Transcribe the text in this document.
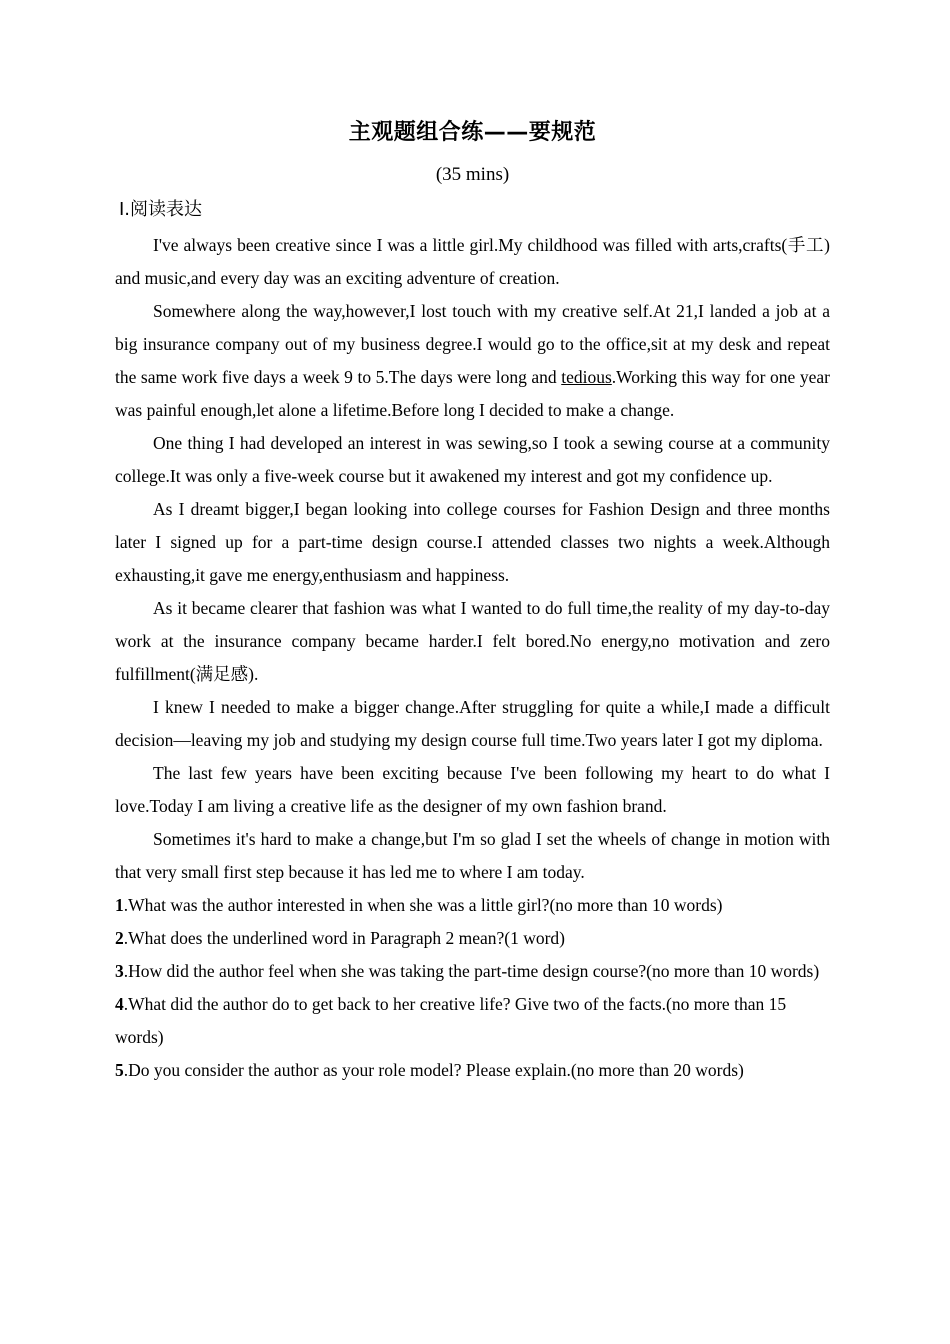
主观题组合练——要规范
(35 mins)
Ⅰ.阅读表达

I've always been creative since I was a little girl.My childhood was filled with arts,crafts(手工) and music,and every day was an exciting adventure of creation.

Somewhere along the way,however,I lost touch with my creative self.At 21,I landed a job at a big insurance company out of my business degree.I would go to the office,sit at my desk and repeat the same work five days a week 9 to 5.The days were long and tedious.Working this way for one year was painful enough,let alone a lifetime.Before long I decided to make a change.

One thing I had developed an interest in was sewing,so I took a sewing course at a community college.It was only a five-week course but it awakened my interest and got my confidence up.

As I dreamt bigger,I began looking into college courses for Fashion Design and three months later I signed up for a part-time design course.I attended classes two nights a week.Although exhausting,it gave me energy,enthusiasm and happiness.

As it became clearer that fashion was what I wanted to do full time,the reality of my day-to-day work at the insurance company became harder.I felt bored.No energy,no motivation and zero fulfillment(满足感).

I knew I needed to make a bigger change.After struggling for quite a while,I made a difficult decision—leaving my job and studying my design course full time.Two years later I got my diploma.

The last few years have been exciting because I've been following my heart to do what I love.Today I am living a creative life as the designer of my own fashion brand.

Sometimes it's hard to make a change,but I'm so glad I set the wheels of change in motion with that very small first step because it has led me to where I am today.

1.What was the author interested in when she was a little girl?(no more than 10 words)

2.What does the underlined word in Paragraph 2 mean?(1 word)

3.How did the author feel when she was taking the part-time design course?(no more than 10 words)

4.What did the author do to get back to her creative life? Give two of the facts.(no more than 15 words)

5.Do you consider the author as your role model? Please explain.(no more than 20 words)
